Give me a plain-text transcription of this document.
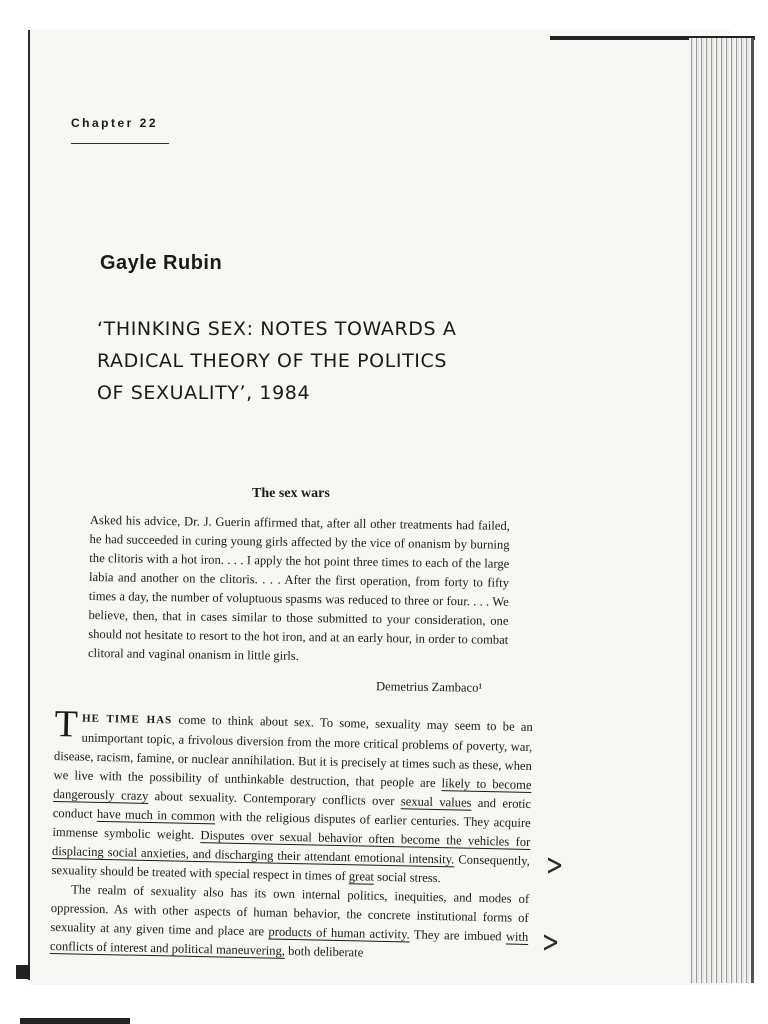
Chapter 22
Gayle Rubin
‘THINKING SEX: NOTES TOWARDS A
RADICAL THEORY OF THE POLITICS
OF SEXUALITY’, 1984
The sex wars
Asked his advice, Dr. J. Guerin affirmed that, after all other treatments had failed, he had succeeded in curing young girls affected by the vice of onanism by burning the clitoris with a hot iron. . . . I apply the hot point three times to each of the large labia and another on the clitoris. . . . After the first operation, from forty to fifty times a day, the number of voluptuous spasms was reduced to three or four. . . . We believe, then, that in cases similar to those submitted to your consideration, one should not hesitate to resort to the hot iron, and at an early hour, in order to combat clitoral and vaginal onanism in little girls.
Demetrius Zambaco¹

THE TIME HAS come to think about sex. To some, sexuality may seem to be an unimportant topic, a frivolous diversion from the more critical problems of poverty, war, disease, racism, famine, or nuclear annihilation. But it is precisely at times such as these, when we live with the possibility of unthinkable destruction, that people are likely to become dangerously crazy about sexuality. Contemporary conflicts over sexual values and erotic conduct have much in common with the religious disputes of earlier centuries. They acquire immense symbolic weight. Disputes over sexual behavior often become the vehicles for displacing social anxieties, and discharging their attendant emotional intensity. Consequently, sexuality should be treated with special respect in times of great social stress.

The realm of sexuality also has its own internal politics, inequities, and modes of oppression. As with other aspects of human behavior, the concrete institutional forms of sexuality at any given time and place are products of human activity. They are imbued with conflicts of interest and political maneuvering, both deliberate

>
>
